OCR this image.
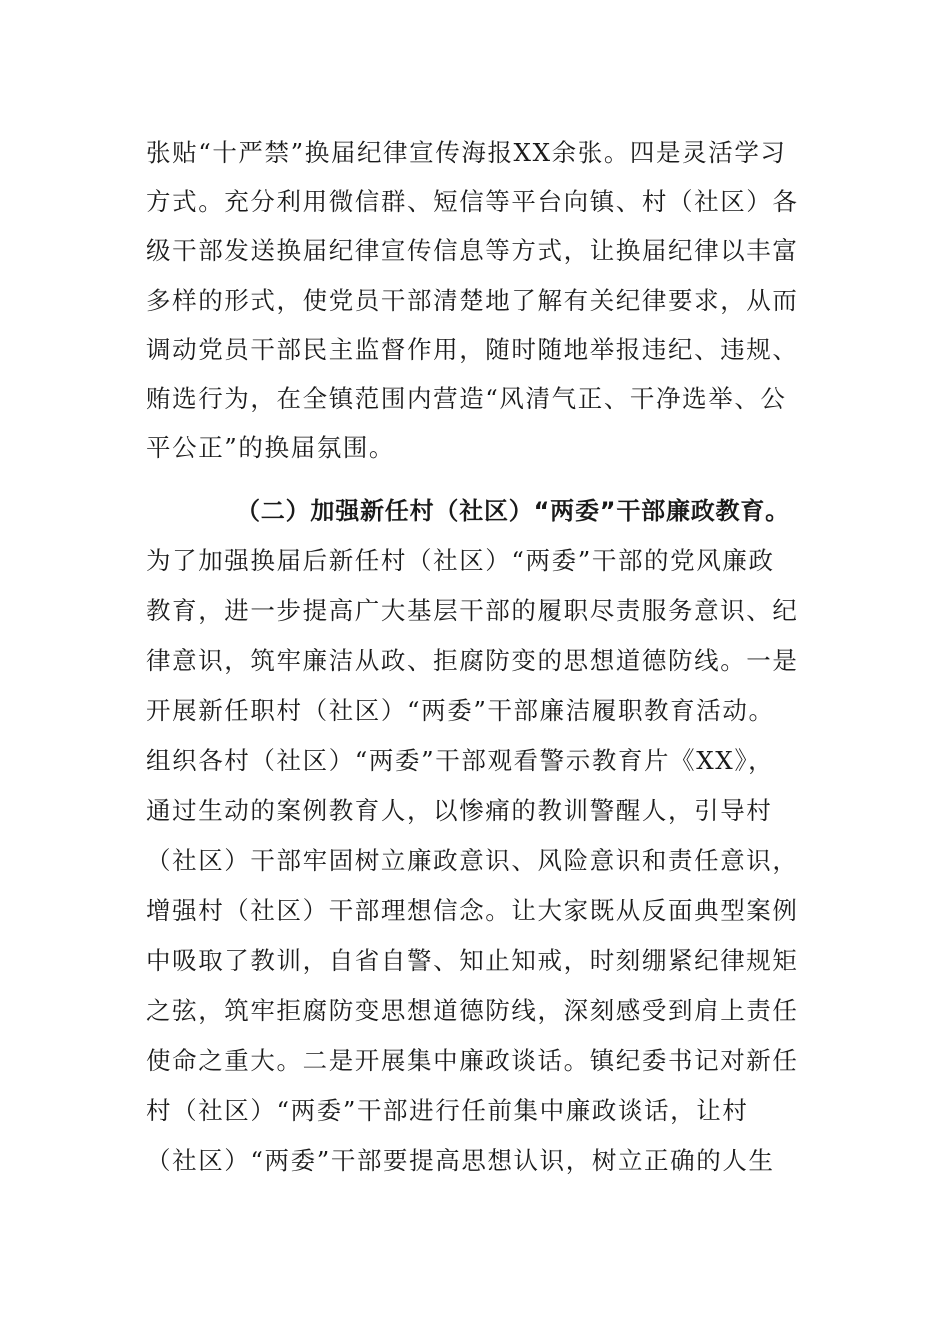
张贴“十严禁”换届纪律宣传海报XX余张。四是灵活学习
方式。充分利用微信群、短信等平台向镇、村（社区）各
级干部发送换届纪律宣传信息等方式，让换届纪律以丰富
多样的形式，使党员干部清楚地了解有关纪律要求，从而
调动党员干部民主监督作用，随时随地举报违纪、违规、
贿选行为，在全镇范围内营造“风清气正、干净选举、公
平公正”的换届氛围。
（二）加强新任村（社区）“两委”干部廉政教育。
为了加强换届后新任村（社区）“两委”干部的党风廉政
教育，进一步提高广大基层干部的履职尽责服务意识、纪
律意识，筑牢廉洁从政、拒腐防变的思想道德防线。一是
开展新任职村（社区）“两委”干部廉洁履职教育活动。
组织各村（社区）“两委”干部观看警示教育片《XX》，
通过生动的案例教育人，以惨痛的教训警醒人，引导村
（社区）干部牢固树立廉政意识、风险意识和责任意识，
增强村（社区）干部理想信念。让大家既从反面典型案例
中吸取了教训，自省自警、知止知戒，时刻绷紧纪律规矩
之弦，筑牢拒腐防变思想道德防线，深刻感受到肩上责任
使命之重大。二是开展集中廉政谈话。镇纪委书记对新任
村（社区）“两委”干部进行任前集中廉政谈话，让村
（社区）“两委”干部要提高思想认识，树立正确的人生
